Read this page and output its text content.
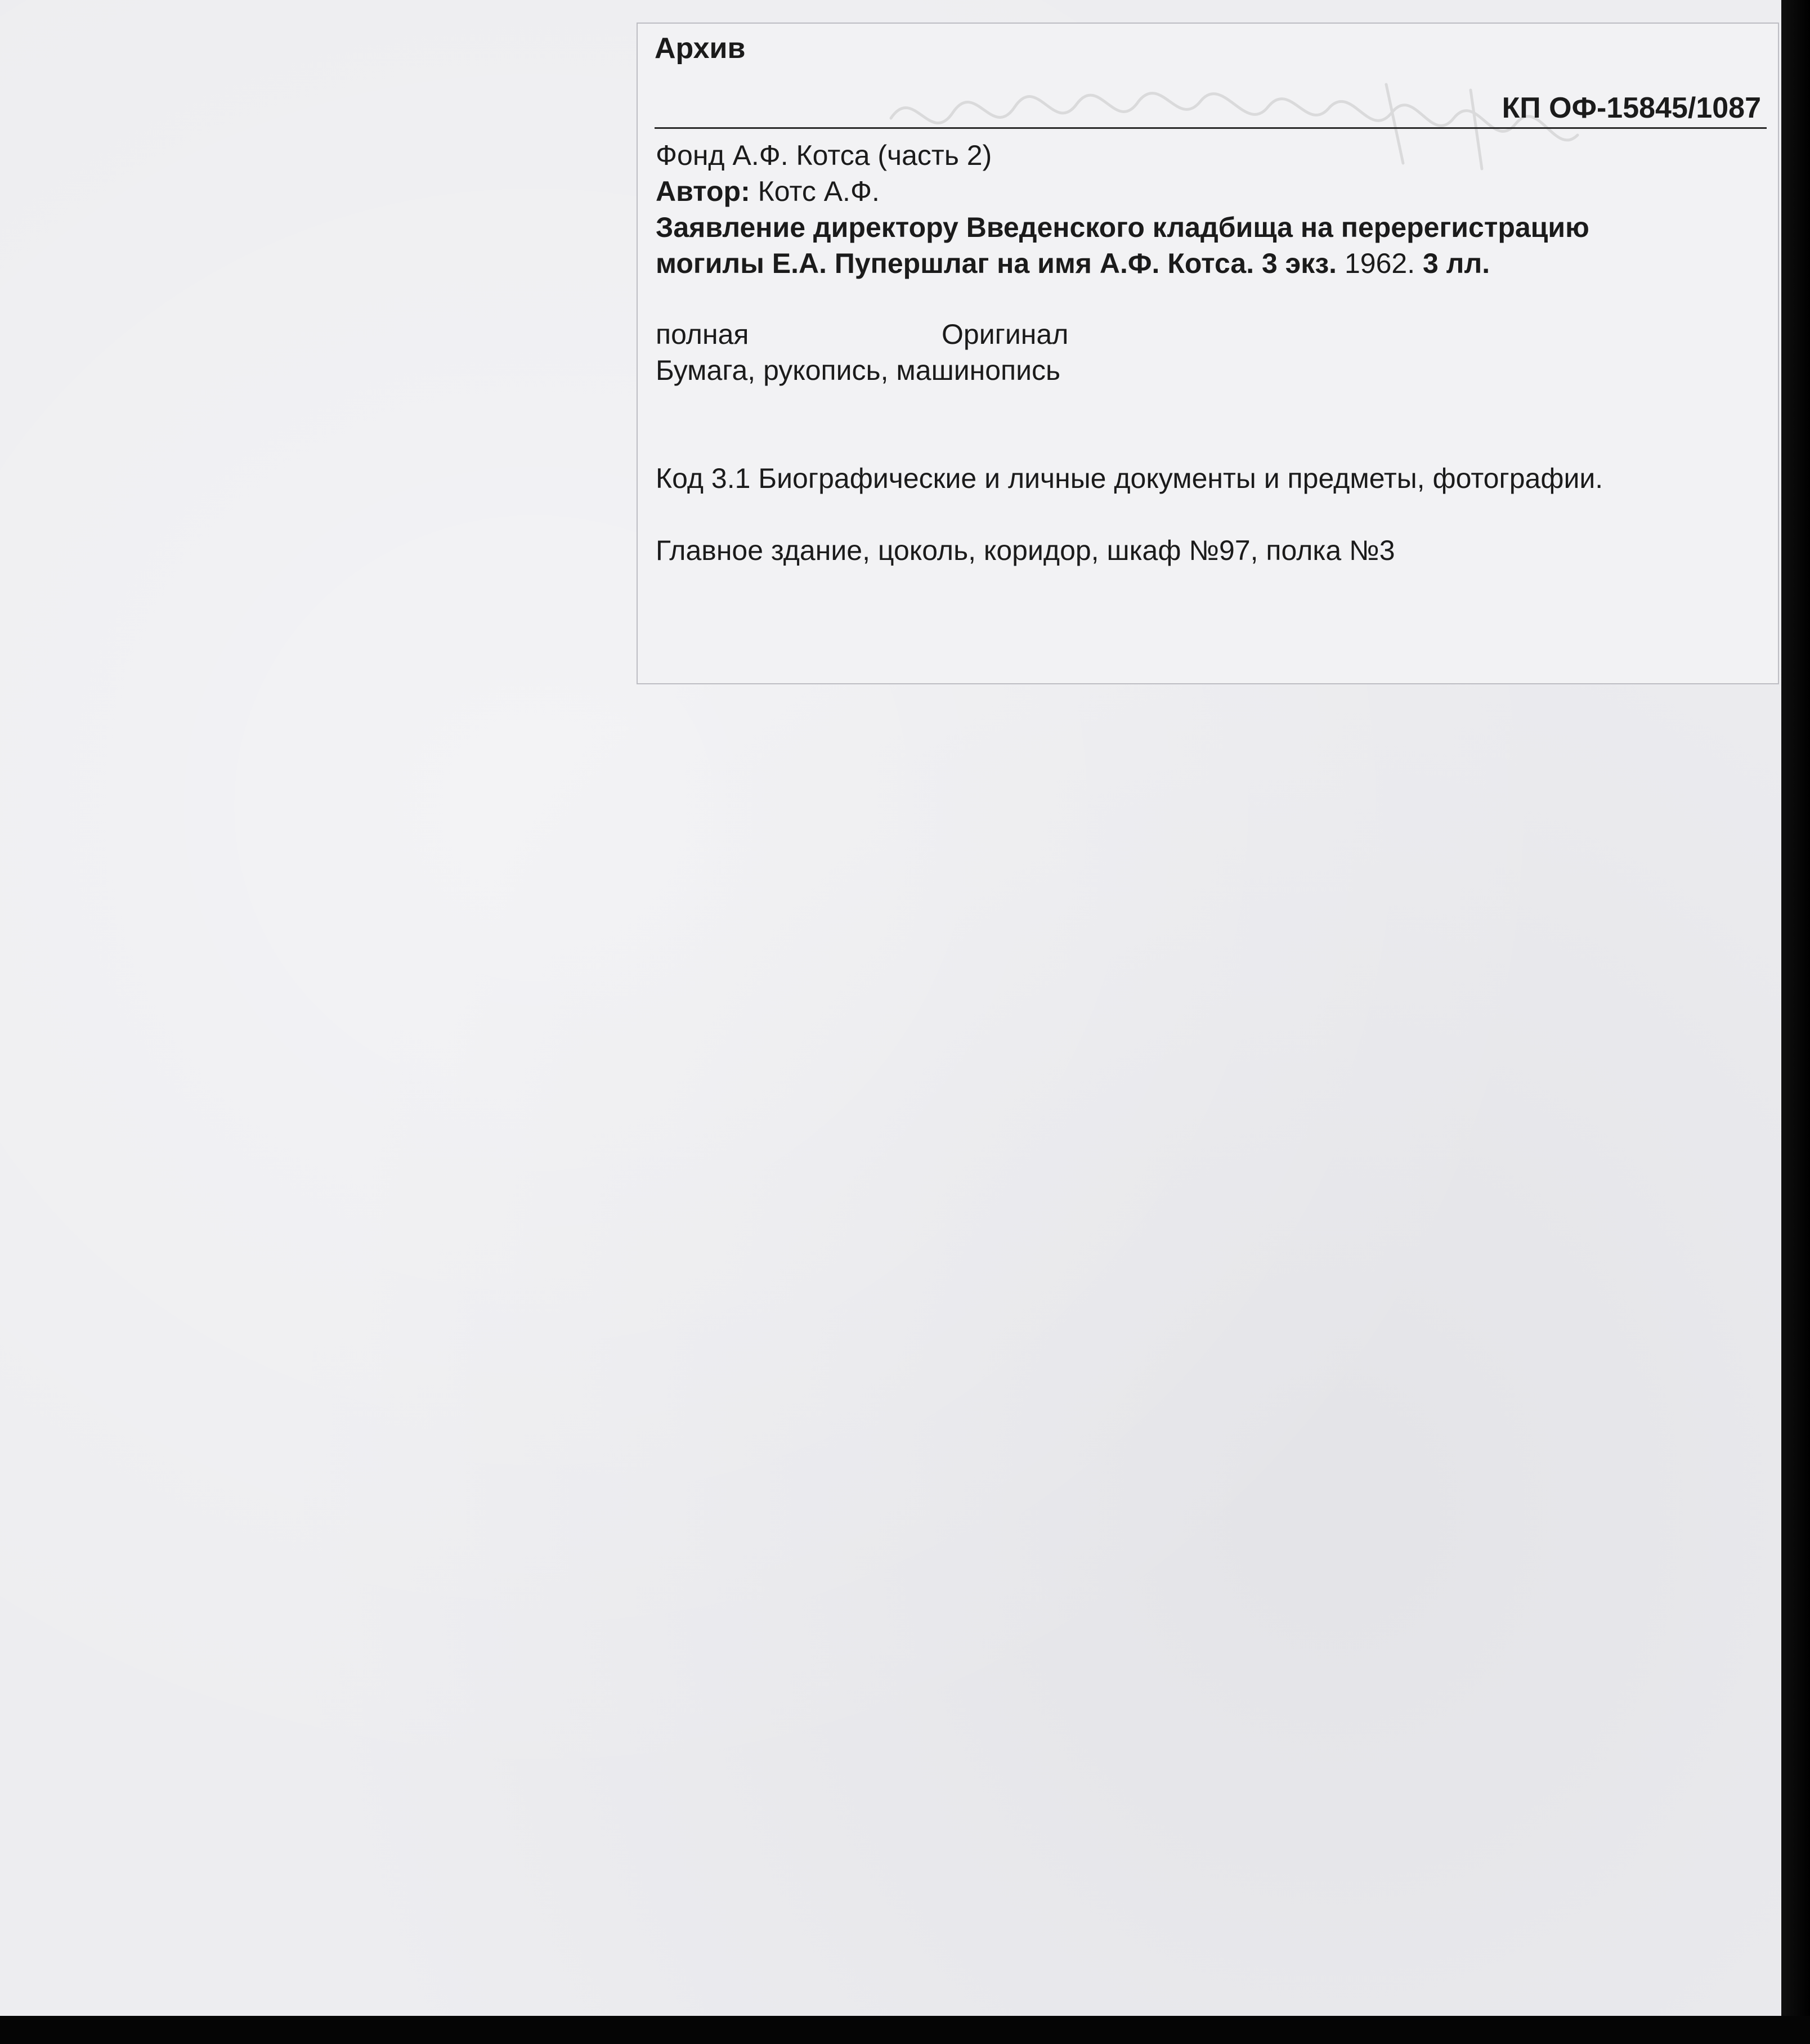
Архив
КП ОФ-15845/1087
Фонд А.Ф. Котса (часть 2)
Автор: Котс А.Ф.
Заявление директору Введенского кладбища на перерегистрацию
могилы Е.А. Пупершлаг на имя А.Ф. Котса. 3 экз. 1962. 3 лл.
полная	Оригинал
Бумага, рукопись, машинопись
Код 3.1 Биографические и личные документы и предметы, фотографии.
Главное здание, цоколь, коридор, шкаф №97, полка №3
